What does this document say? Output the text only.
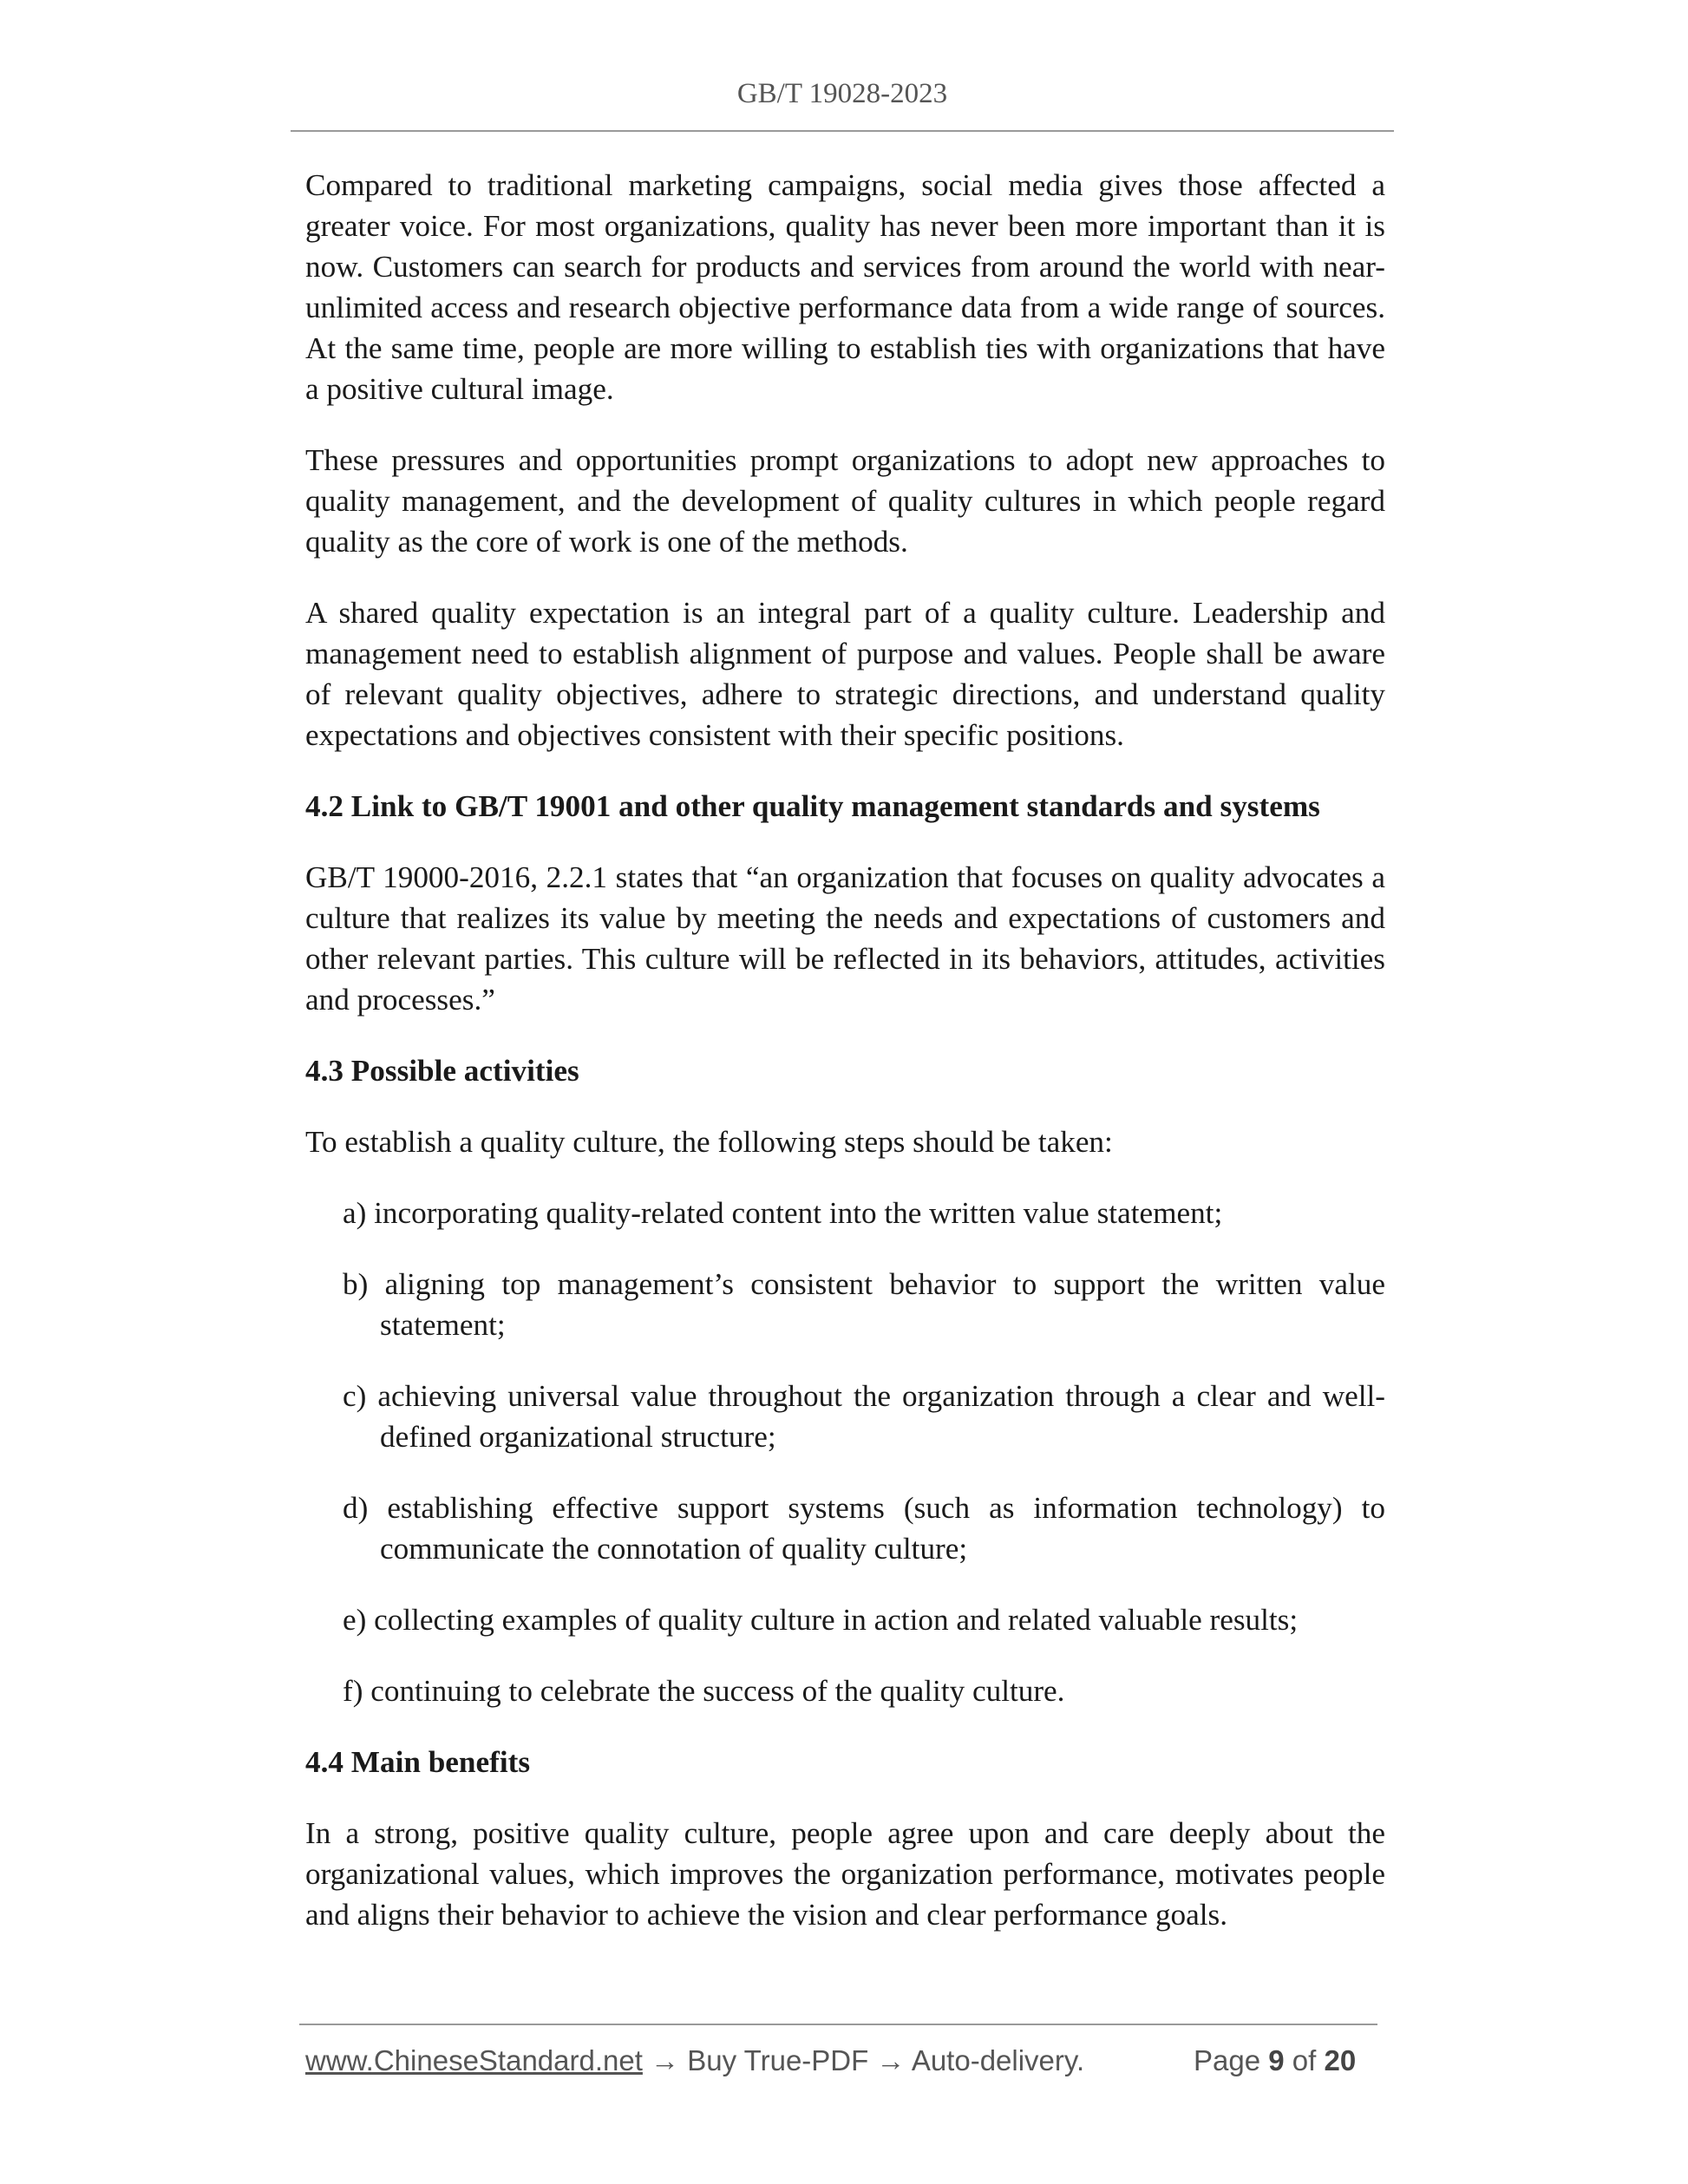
GB/T 19028-2023

Compared to traditional marketing campaigns, social media gives those affected a greater voice. For most organizations, quality has never been more important than it is now. Customers can search for products and services from around the world with near-unlimited access and research objective performance data from a wide range of sources. At the same time, people are more willing to establish ties with organizations that have a positive cultural image.

These pressures and opportunities prompt organizations to adopt new approaches to quality management, and the development of quality cultures in which people regard quality as the core of work is one of the methods.

A shared quality expectation is an integral part of a quality culture. Leadership and management need to establish alignment of purpose and values. People shall be aware of relevant quality objectives, adhere to strategic directions, and understand quality expectations and objectives consistent with their specific positions.

4.2 Link to GB/T 19001 and other quality management standards and systems

GB/T 19000-2016, 2.2.1 states that “an organization that focuses on quality advocates a culture that realizes its value by meeting the needs and expectations of customers and other relevant parties. This culture will be reflected in its behaviors, attitudes, activities and processes.”

4.3 Possible activities

To establish a quality culture, the following steps should be taken:

a) incorporating quality-related content into the written value statement;

b) aligning top management’s consistent behavior to support the written value statement;

c) achieving universal value throughout the organization through a clear and well-defined organizational structure;

d) establishing effective support systems (such as information technology) to communicate the connotation of quality culture;

e) collecting examples of quality culture in action and related valuable results;

f) continuing to celebrate the success of the quality culture.

4.4 Main benefits

In a strong, positive quality culture, people agree upon and care deeply about the organizational values, which improves the organization performance, motivates people and aligns their behavior to achieve the vision and clear performance goals.

www.ChineseStandard.net → Buy True-PDF → Auto-delivery.	Page 9 of 20
